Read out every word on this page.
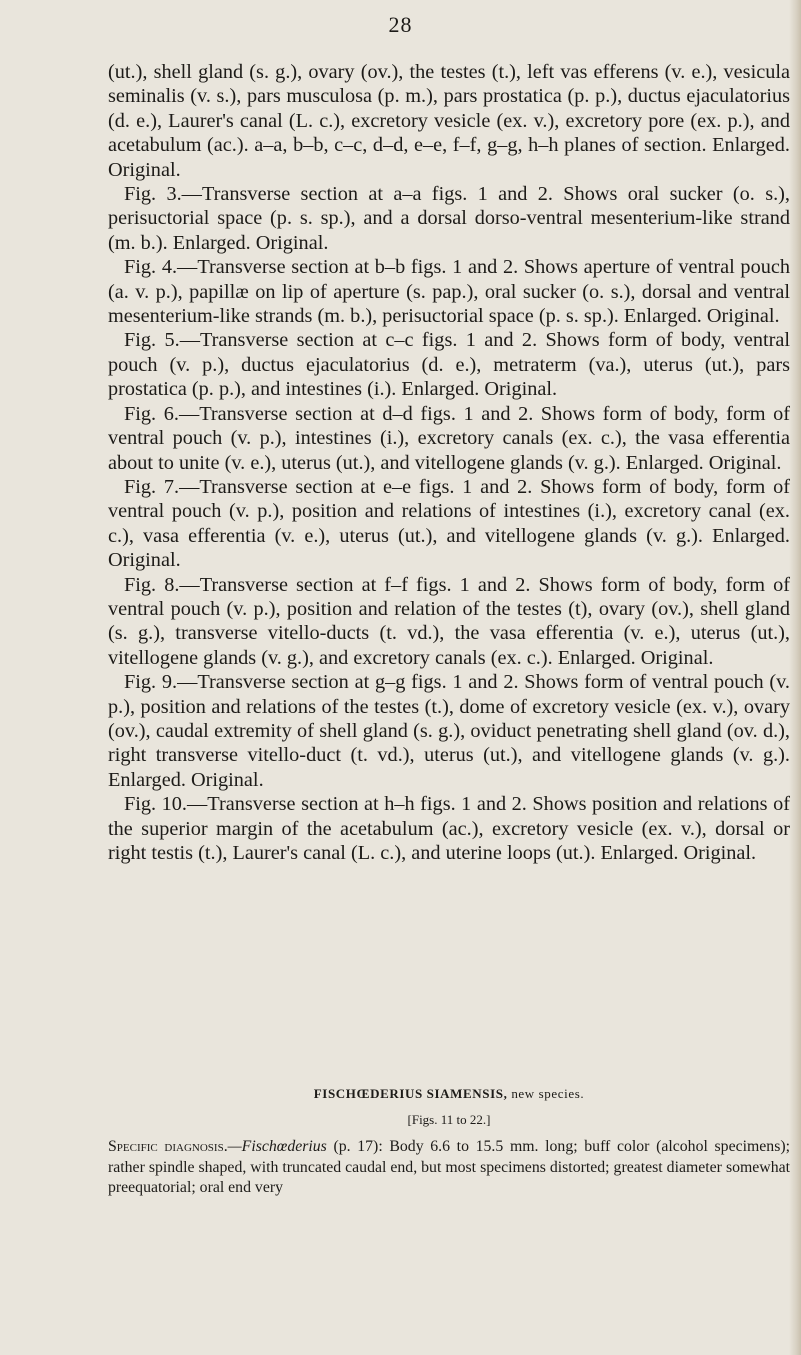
28

(ut.), shell gland (s. g.), ovary (ov.), the testes (t.), left vas efferens (v. e.), vesicula seminalis (v. s.), pars musculosa (p. m.), pars prostatica (p. p.), ductus ejaculatorius (d. e.), Laurer's canal (L. c.), excretory vesicle (ex. v.), excretory pore (ex. p.), and acetabulum (ac.). a–a, b–b, c–c, d–d, e–e, f–f, g–g, h–h planes of section. Enlarged. Original.

Fig. 3.—Transverse section at a–a figs. 1 and 2. Shows oral sucker (o. s.), perisuctorial space (p. s. sp.), and a dorsal dorso-ventral mesenterium-like strand (m. b.). Enlarged. Original.

Fig. 4.—Transverse section at b–b figs. 1 and 2. Shows aperture of ventral pouch (a. v. p.), papillæ on lip of aperture (s. pap.), oral sucker (o. s.), dorsal and ventral mesenterium-like strands (m. b.), perisuctorial space (p. s. sp.). Enlarged. Original.

Fig. 5.—Transverse section at c–c figs. 1 and 2. Shows form of body, ventral pouch (v. p.), ductus ejaculatorius (d. e.), metraterm (va.), uterus (ut.), pars prostatica (p. p.), and intestines (i.). Enlarged. Original.

Fig. 6.—Transverse section at d–d figs. 1 and 2. Shows form of body, form of ventral pouch (v. p.), intestines (i.), excretory canals (ex. c.), the vasa efferentia about to unite (v. e.), uterus (ut.), and vitellogene glands (v. g.). Enlarged. Original.

Fig. 7.—Transverse section at e–e figs. 1 and 2. Shows form of body, form of ventral pouch (v. p.), position and relations of intestines (i.), excretory canal (ex. c.), vasa efferentia (v. e.), uterus (ut.), and vitellogene glands (v. g.). Enlarged. Original.

Fig. 8.—Transverse section at f–f figs. 1 and 2. Shows form of body, form of ventral pouch (v. p.), position and relation of the testes (t), ovary (ov.), shell gland (s. g.), transverse vitello-ducts (t. vd.), the vasa efferentia (v. e.), uterus (ut.), vitellogene glands (v. g.), and excretory canals (ex. c.). Enlarged. Original.

Fig. 9.—Transverse section at g–g figs. 1 and 2. Shows form of ventral pouch (v. p.), position and relations of the testes (t.), dome of excretory vesicle (ex. v.), ovary (ov.), caudal extremity of shell gland (s. g.), oviduct penetrating shell gland (ov. d.), right transverse vitello-duct (t. vd.), uterus (ut.), and vitellogene glands (v. g.). Enlarged. Original.

Fig. 10.—Transverse section at h–h figs. 1 and 2. Shows position and relations of the superior margin of the acetabulum (ac.), excretory vesicle (ex. v.), dorsal or right testis (t.), Laurer's canal (L. c.), and uterine loops (ut.). Enlarged. Original.

FISCHŒDERIUS SIAMENSIS, new species.
[Figs. 11 to 22.]
Specific diagnosis.—Fischœderius (p. 17): Body 6.6 to 15.5 mm. long; buff color (alcohol specimens); rather spindle shaped, with truncated caudal end, but most specimens distorted; greatest diameter somewhat preequatorial; oral end very
